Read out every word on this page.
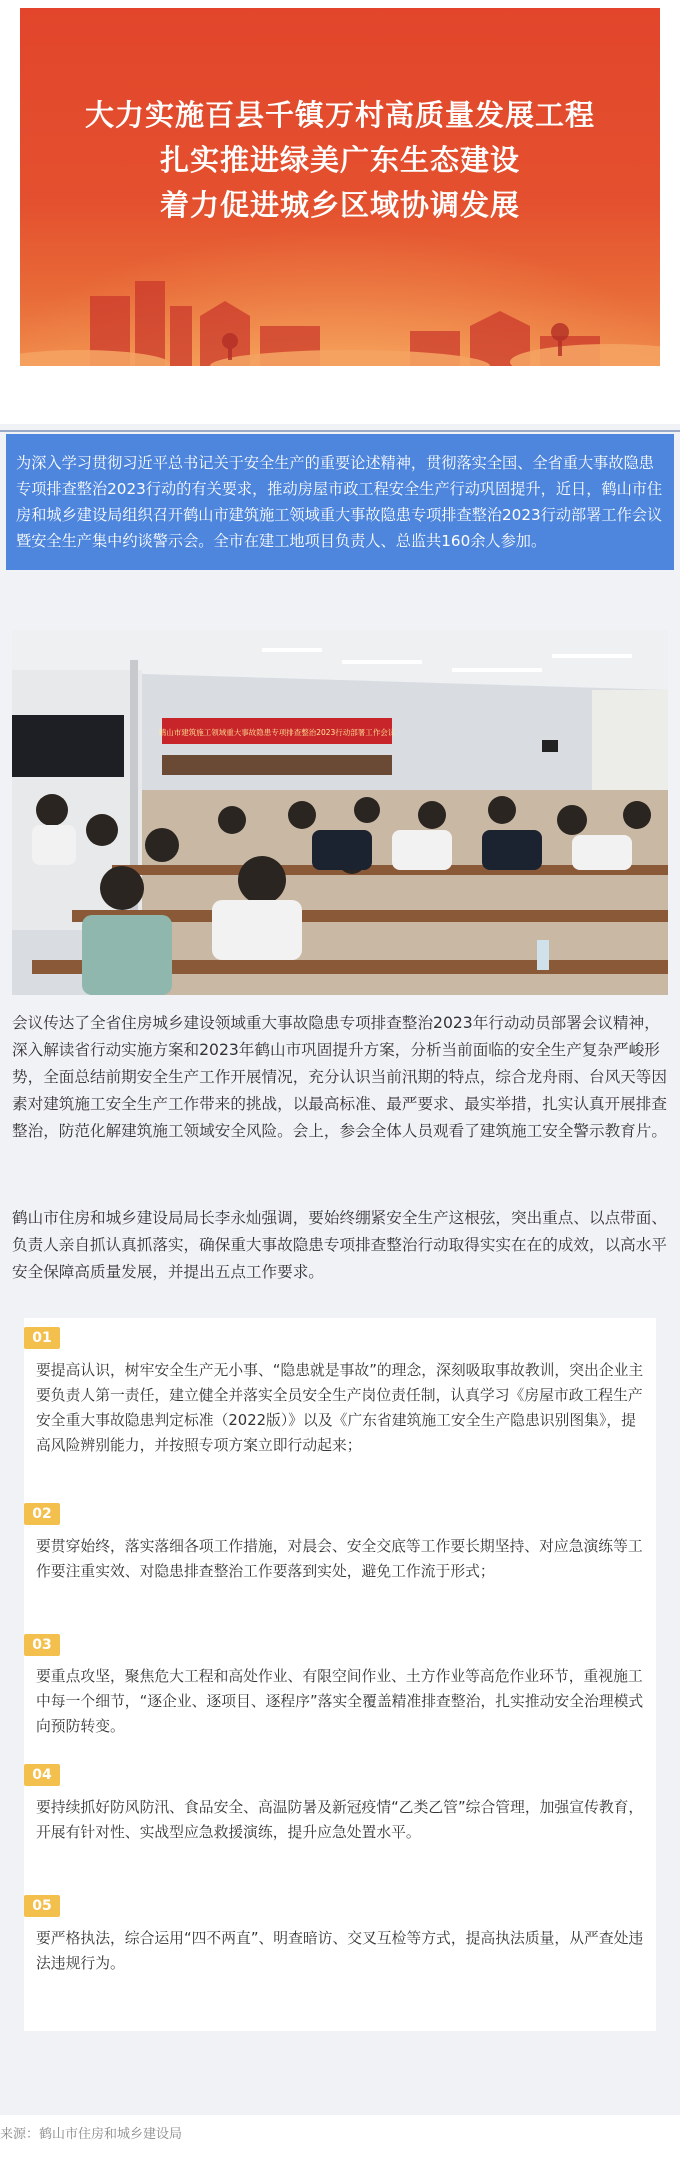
大力实施百县千镇万村高质量发展工程
扎实推进绿美广东生态建设
着力促进城乡区域协调发展

为深入学习贯彻习近平总书记关于安全生产的重要论述精神，贯彻落实全国、全省重大事故隐患专项排查整治2023行动的有关要求，推动房屋市政工程安全生产行动巩固提升，近日，鹤山市住房和城乡建设局组织召开鹤山市建筑施工领域重大事故隐患专项排查整治2023行动部署工作会议暨安全生产集中约谈警示会。全市在建工地项目负责人、总监共160余人参加。

鹤山市建筑施工领域重大事故隐患专项排查整治2023行动部署工作会议

会议传达了全省住房城乡建设领域重大事故隐患专项排查整治2023年行动动员部署会议精神，深入解读省行动实施方案和2023年鹤山市巩固提升方案，分析当前面临的安全生产复杂严峻形势，全面总结前期安全生产工作开展情况，充分认识当前汛期的特点，综合龙舟雨、台风天等因素对建筑施工安全生产工作带来的挑战，以最高标准、最严要求、最实举措，扎实认真开展排查整治，防范化解建筑施工领域安全风险。会上，参会全体人员观看了建筑施工安全警示教育片。

鹤山市住房和城乡建设局局长李永灿强调，要始终绷紧安全生产这根弦，突出重点、以点带面、负责人亲自抓认真抓落实，确保重大事故隐患专项排查整治行动取得实实在在的成效，以高水平安全保障高质量发展，并提出五点工作要求。

01

要提高认识，树牢安全生产无小事、“隐患就是事故”的理念，深刻吸取事故教训，突出企业主要负责人第一责任，建立健全并落实全员安全生产岗位责任制，认真学习《房屋市政工程生产安全重大事故隐患判定标准（2022版）》以及《广东省建筑施工安全生产隐患识别图集》，提高风险辨别能力，并按照专项方案立即行动起来；

02

要贯穿始终，落实落细各项工作措施，对晨会、安全交底等工作要长期坚持、对应急演练等工作要注重实效、对隐患排查整治工作要落到实处，避免工作流于形式；

03

要重点攻坚，聚焦危大工程和高处作业、有限空间作业、土方作业等高危作业环节，重视施工中每一个细节，“逐企业、逐项目、逐程序”落实全覆盖精准排查整治，扎实推动安全治理模式向预防转变。

04

要持续抓好防风防汛、食品安全、高温防暑及新冠疫情“乙类乙管”综合管理，加强宣传教育，开展有针对性、实战型应急救援演练，提升应急处置水平。

05

要严格执法，综合运用“四不两直”、明查暗访、交叉互检等方式，提高执法质量，从严查处违法违规行为。

来源：鹤山市住房和城乡建设局
